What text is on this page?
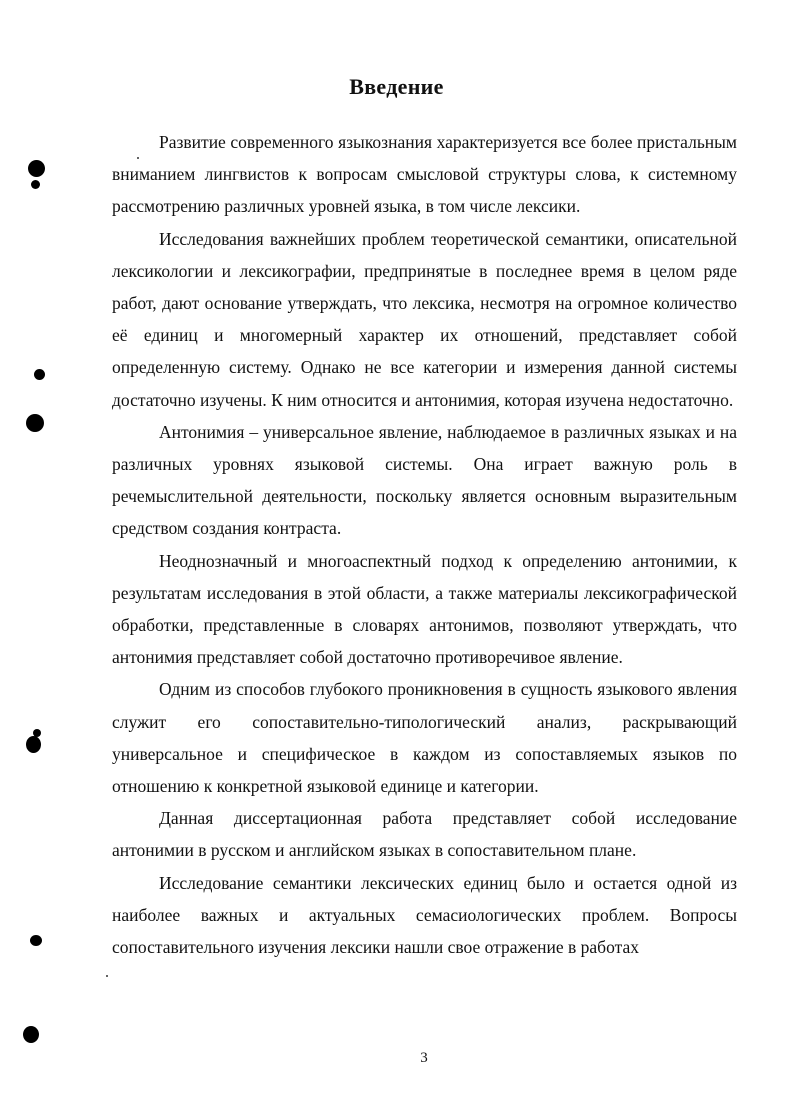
Введение

Развитие современного языкознания характеризуется все более пристальным вниманием лингвистов к вопросам смысловой структуры слова, к системному рассмотрению различных уровней языка, в том числе лексики.

Исследования важнейших проблем теоретической семантики, описательной лексикологии и лексикографии, предпринятые в последнее время в целом ряде работ, дают основание утверждать, что лексика, несмотря на огромное количество её единиц и многомерный характер их отношений, представляет собой определенную систему. Однако не все категории и измерения данной системы достаточно изучены. К ним относится и антонимия, которая изучена недостаточно.

Антонимия – универсальное явление, наблюдаемое в различных языках и на различных уровнях языковой системы. Она играет важную роль в речемыслительной деятельности, поскольку является основным выразительным средством создания контраста.

Неоднозначный и многоаспектный подход к определению антонимии, к результатам исследования в этой области, а также материалы лексикографической обработки, представленные в словарях антонимов, позволяют утверждать, что антонимия представляет собой достаточно противоречивое явление.

Одним из способов глубокого проникновения в сущность языкового явления служит его сопоставительно-типологический анализ, раскрывающий универсальное и специфическое в каждом из сопоставляемых языков по отношению к конкретной языковой единице и категории.

Данная диссертационная работа представляет собой исследование антонимии в русском и английском языках в сопоставительном плане.

Исследование семантики лексических единиц было и остается одной из наиболее важных и актуальных семасиологических проблем. Вопросы сопоставительного изучения лексики нашли свое отражение в работах

3
